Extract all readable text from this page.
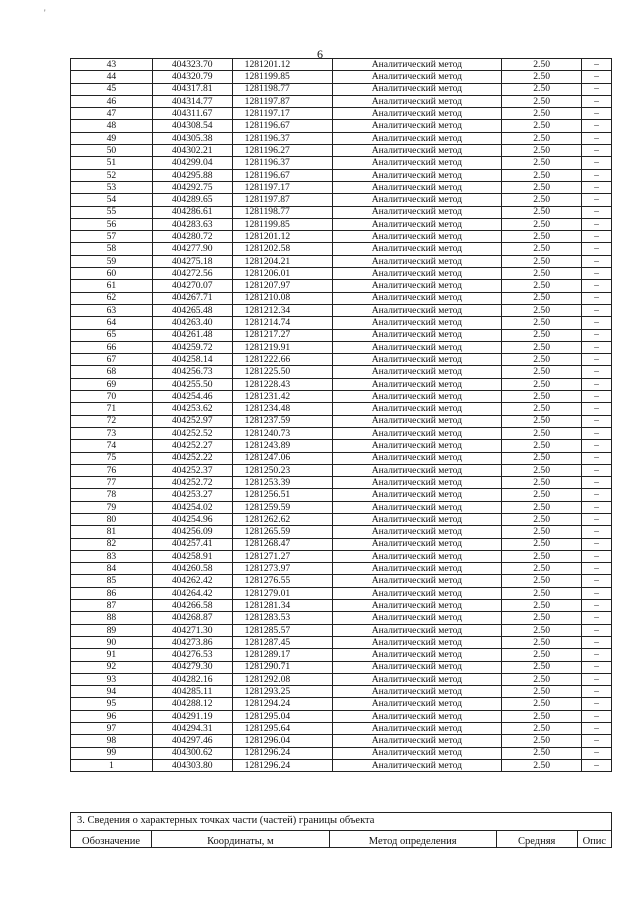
6
'
43	404323.70	1281201.12	Аналитический метод	2.50	–
44	404320.79	1281199.85	Аналитический метод	2.50	–
45	404317.81	1281198.77	Аналитический метод	2.50	–
46	404314.77	1281197.87	Аналитический метод	2.50	–
47	404311.67	1281197.17	Аналитический метод	2.50	–
48	404308.54	1281196.67	Аналитический метод	2.50	–
49	404305.38	1281196.37	Аналитический метод	2.50	–
50	404302.21	1281196.27	Аналитический метод	2.50	–
51	404299.04	1281196.37	Аналитический метод	2.50	–
52	404295.88	1281196.67	Аналитический метод	2.50	–
53	404292.75	1281197.17	Аналитический метод	2.50	–
54	404289.65	1281197.87	Аналитический метод	2.50	–
55	404286.61	1281198.77	Аналитический метод	2.50	–
56	404283.63	1281199.85	Аналитический метод	2.50	–
57	404280.72	1281201.12	Аналитический метод	2.50	–
58	404277.90	1281202.58	Аналитический метод	2.50	–
59	404275.18	1281204.21	Аналитический метод	2.50	–
60	404272.56	1281206.01	Аналитический метод	2.50	–
61	404270.07	1281207.97	Аналитический метод	2.50	–
62	404267.71	1281210.08	Аналитический метод	2.50	–
63	404265.48	1281212.34	Аналитический метод	2.50	–
64	404263.40	1281214.74	Аналитический метод	2.50	–
65	404261.48	1281217.27	Аналитический метод	2.50	–
66	404259.72	1281219.91	Аналитический метод	2.50	–
67	404258.14	1281222.66	Аналитический метод	2.50	–
68	404256.73	1281225.50	Аналитический метод	2.50	–
69	404255.50	1281228.43	Аналитический метод	2.50	–
70	404254.46	1281231.42	Аналитический метод	2.50	–
71	404253.62	1281234.48	Аналитический метод	2.50	–
72	404252.97	1281237.59	Аналитический метод	2.50	–
73	404252.52	1281240.73	Аналитический метод	2.50	–
74	404252.27	1281243.89	Аналитический метод	2.50	–
75	404252.22	1281247.06	Аналитический метод	2.50	–
76	404252.37	1281250.23	Аналитический метод	2.50	–
77	404252.72	1281253.39	Аналитический метод	2.50	–
78	404253.27	1281256.51	Аналитический метод	2.50	–
79	404254.02	1281259.59	Аналитический метод	2.50	–
80	404254.96	1281262.62	Аналитический метод	2.50	–
81	404256.09	1281265.59	Аналитический метод	2.50	–
82	404257.41	1281268.47	Аналитический метод	2.50	–
83	404258.91	1281271.27	Аналитический метод	2.50	–
84	404260.58	1281273.97	Аналитический метод	2.50	–
85	404262.42	1281276.55	Аналитический метод	2.50	–
86	404264.42	1281279.01	Аналитический метод	2.50	–
87	404266.58	1281281.34	Аналитический метод	2.50	–
88	404268.87	1281283.53	Аналитический метод	2.50	–
89	404271.30	1281285.57	Аналитический метод	2.50	–
90	404273.86	1281287.45	Аналитический метод	2.50	–
91	404276.53	1281289.17	Аналитический метод	2.50	–
92	404279.30	1281290.71	Аналитический метод	2.50	–
93	404282.16	1281292.08	Аналитический метод	2.50	–
94	404285.11	1281293.25	Аналитический метод	2.50	–
95	404288.12	1281294.24	Аналитический метод	2.50	–
96	404291.19	1281295.04	Аналитический метод	2.50	–
97	404294.31	1281295.64	Аналитический метод	2.50	–
98	404297.46	1281296.04	Аналитический метод	2.50	–
99	404300.62	1281296.24	Аналитический метод	2.50	–
1	404303.80	1281296.24	Аналитический метод	2.50	–
3. Сведения о характерных точках части (частей) границы объекта
Обозначение	Координаты, м	Метод определения	Средняя	Опис
